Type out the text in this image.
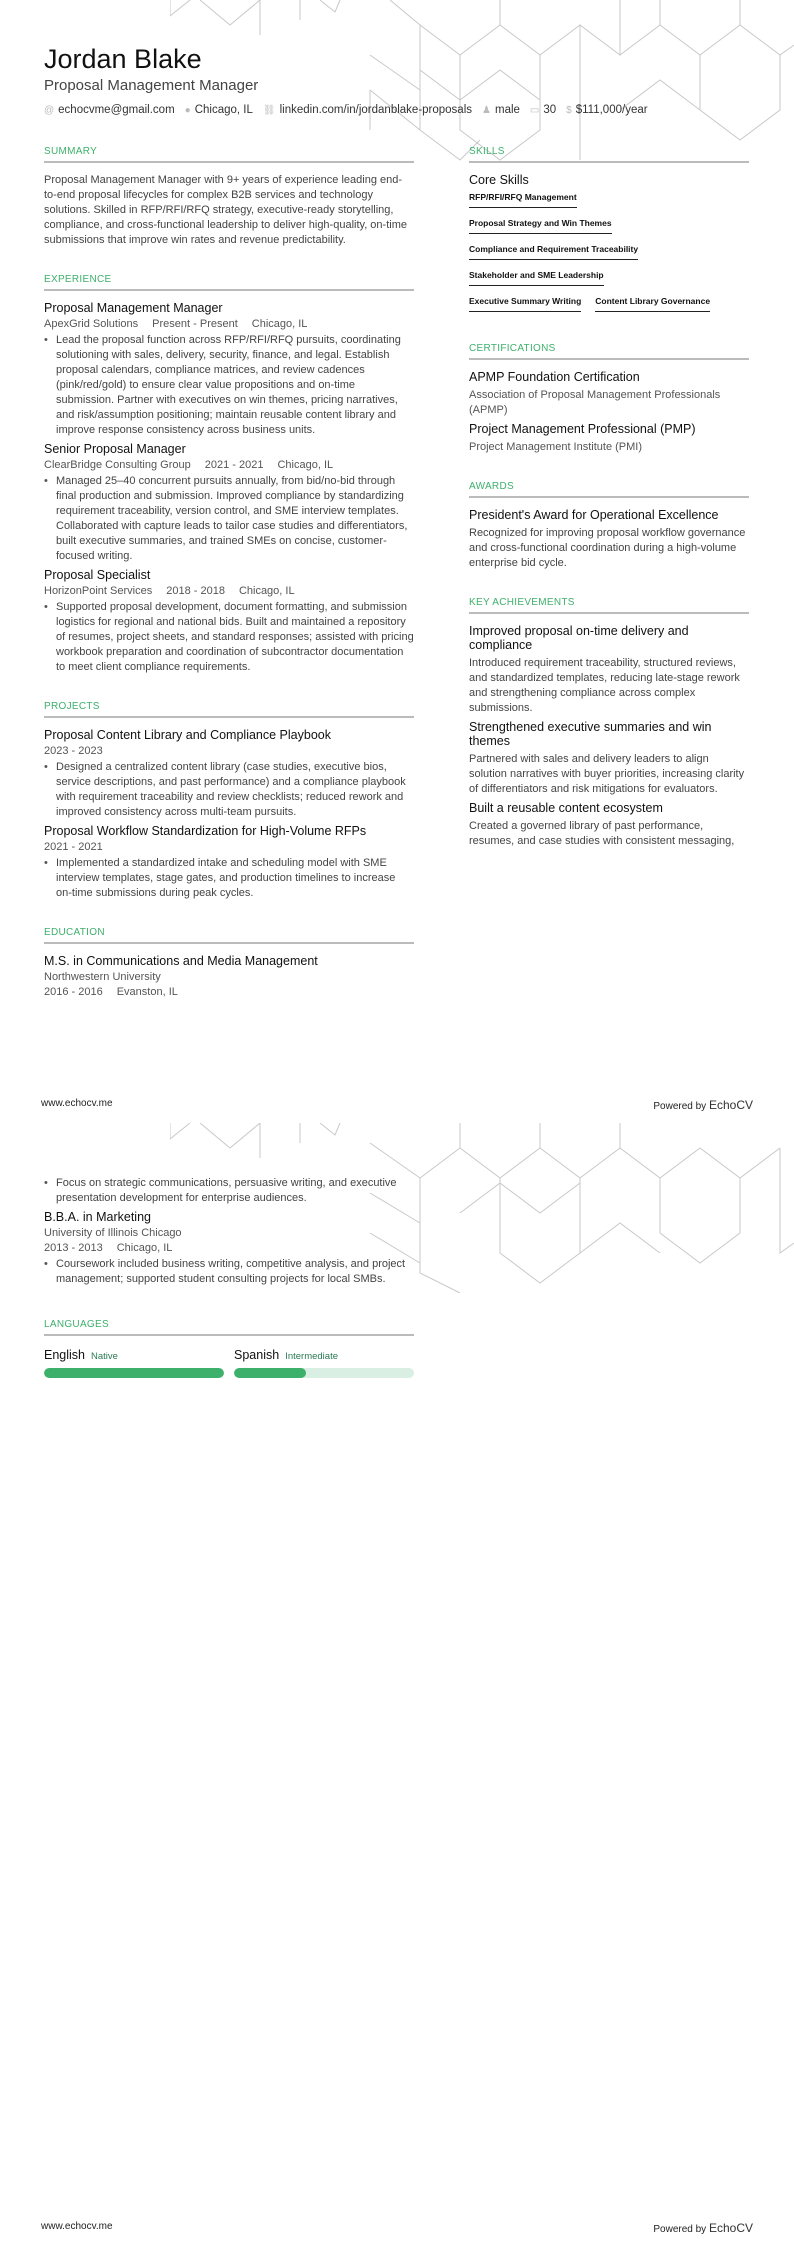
Jordan Blake
Proposal Management Manager
@ echocvme@gmail.com ● Chicago, IL ⛓ linkedin.com/in/jordanblake-proposals ♟ male ▭ 30 $ $111,000/year
SUMMARY
Proposal Management Manager with 9+ years of experience leading end-to-end proposal lifecycles for complex B2B services and technology solutions. Skilled in RFP/RFI/RFQ strategy, executive-ready storytelling, compliance, and cross-functional leadership to deliver high-quality, on-time submissions that improve win rates and revenue predictability.
EXPERIENCE
Proposal Management Manager
ApexGrid Solutions Present - Present Chicago, IL
• Lead the proposal function across RFP/RFI/RFQ pursuits, coordinating solutioning with sales, delivery, security, finance, and legal. Establish proposal calendars, compliance matrices, and review cadences (pink/red/gold) to ensure clear value propositions and on-time submission. Partner with executives on win themes, pricing narratives, and risk/assumption positioning; maintain reusable content library and improve response consistency across business units.
Senior Proposal Manager
ClearBridge Consulting Group 2021 - 2021 Chicago, IL
• Managed 25–40 concurrent pursuits annually, from bid/no-bid through final production and submission. Improved compliance by standardizing requirement traceability, version control, and SME interview templates. Collaborated with capture leads to tailor case studies and differentiators, built executive summaries, and trained SMEs on concise, customer-focused writing.
Proposal Specialist
HorizonPoint Services 2018 - 2018 Chicago, IL
• Supported proposal development, document formatting, and submission logistics for regional and national bids. Built and maintained a repository of resumes, project sheets, and standard responses; assisted with pricing workbook preparation and coordination of subcontractor documentation to meet client compliance requirements.
PROJECTS
Proposal Content Library and Compliance Playbook
2023 - 2023
• Designed a centralized content library (case studies, executive bios, service descriptions, and past performance) and a compliance playbook with requirement traceability and review checklists; reduced rework and improved consistency across multi-team pursuits.
Proposal Workflow Standardization for High-Volume RFPs
2021 - 2021
• Implemented a standardized intake and scheduling model with SME interview templates, stage gates, and production timelines to increase on-time submissions during peak cycles.
EDUCATION
M.S. in Communications and Media Management
Northwestern University
2016 - 2016 Evanston, IL
SKILLS
Core Skills
RFP/RFI/RFQ Management
Proposal Strategy and Win Themes
Compliance and Requirement Traceability
Stakeholder and SME Leadership
Executive Summary Writing Content Library Governance
CERTIFICATIONS
APMP Foundation Certification
Association of Proposal Management Professionals (APMP)
Project Management Professional (PMP)
Project Management Institute (PMI)
AWARDS
President's Award for Operational Excellence
Recognized for improving proposal workflow governance and cross-functional coordination during a high-volume enterprise bid cycle.
KEY ACHIEVEMENTS
Improved proposal on-time delivery and compliance
Introduced requirement traceability, structured reviews, and standardized templates, reducing late-stage rework and strengthening compliance across complex submissions.
Strengthened executive summaries and win themes
Partnered with sales and delivery leaders to align solution narratives with buyer priorities, increasing clarity of differentiators and risk mitigations for evaluators.
Built a reusable content ecosystem
Created a governed library of past performance, resumes, and case studies with consistent messaging,
www.echocv.me	Powered by EchoCV
• Focus on strategic communications, persuasive writing, and executive presentation development for enterprise audiences.
B.B.A. in Marketing
University of Illinois Chicago
2013 - 2013 Chicago, IL
• Coursework included business writing, competitive analysis, and project management; supported student consulting projects for local SMBs.
LANGUAGES
English Native	Spanish Intermediate
www.echocv.me	Powered by EchoCV
